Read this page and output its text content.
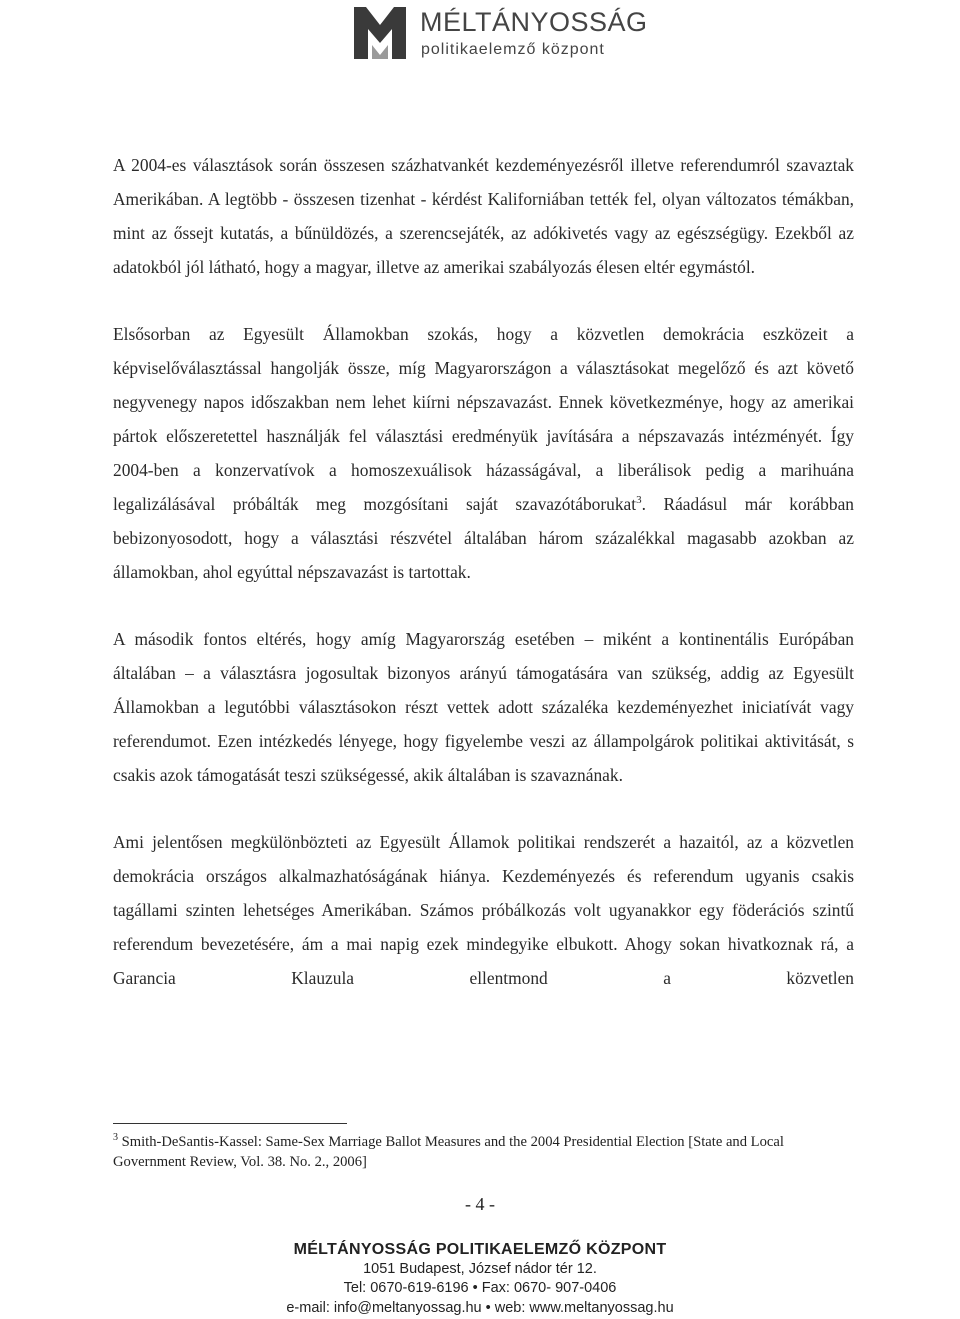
MÉLTÁNYOSSÁG
politikaelemző központ

A 2004-es választások során összesen százhatvankét kezdeményezésről illetve referendumról szavaztak Amerikában. A legtöbb - összesen tizenhat - kérdést Kaliforniában tették fel, olyan változatos témákban, mint az őssejt kutatás, a bűnüldözés, a szerencsejáték, az adókivetés vagy az egészségügy. Ezekből az adatokból jól látható, hogy a magyar, illetve az amerikai szabályozás élesen eltér egymástól.

Elsősorban az Egyesült Államokban szokás, hogy a közvetlen demokrácia eszközeit a képviselőválasztással hangolják össze, míg Magyarországon a választásokat megelőző és azt követő negyvenegy napos időszakban nem lehet kiírni népszavazást. Ennek következménye, hogy az amerikai pártok előszeretettel használják fel választási eredményük javítására a népszavazás intézményét. Így 2004-ben a konzervatívok a homoszexuálisok házasságával, a liberálisok pedig a marihuána legalizálásával próbálták meg mozgósítani saját szavazótáborukat$^3$. Ráadásul már korábban bebizonyosodott, hogy a választási részvétel általában három százalékkal magasabb azokban az államokban, ahol egyúttal népszavazást is tartottak.

A második fontos eltérés, hogy amíg Magyarország esetében – miként a kontinentális Európában általában – a választásra jogosultak bizonyos arányú támogatására van szükség, addig az Egyesült Államokban a legutóbbi választásokon részt vettek adott százaléka kezdeményezhet iniciatívát vagy referendumot. Ezen intézkedés lényege, hogy figyelembe veszi az állampolgárok politikai aktivitását, s csakis azok támogatását teszi szükségessé, akik általában is szavaznának.

Ami jelentősen megkülönbözteti az Egyesült Államok politikai rendszerét a hazaitól, az a közvetlen demokrácia országos alkalmazhatóságának hiánya. Kezdeményezés és referendum ugyanis csakis tagállami szinten lehetséges Amerikában. Számos próbálkozás volt ugyanakkor egy föderációs szintű referendum bevezetésére, ám a mai napig ezek mindegyike elbukott. Ahogy sokan hivatkoznak rá, a Garancia Klauzula ellentmond a közvetlen

$^3$ Smith-DeSantis-Kassel: Same-Sex Marriage Ballot Measures and the 2004 Presidential Election [State and Local Government Review, Vol. 38. No. 2., 2006]
- 4 -
MÉLTÁNYOSSÁG POLITIKAELEMZŐ KÖZPONT
1051 Budapest, József nádor tér 12.
Tel: 0670-619-6196 • Fax: 0670- 907-0406
e-mail: info@meltanyossag.hu • web: www.meltanyossag.hu
